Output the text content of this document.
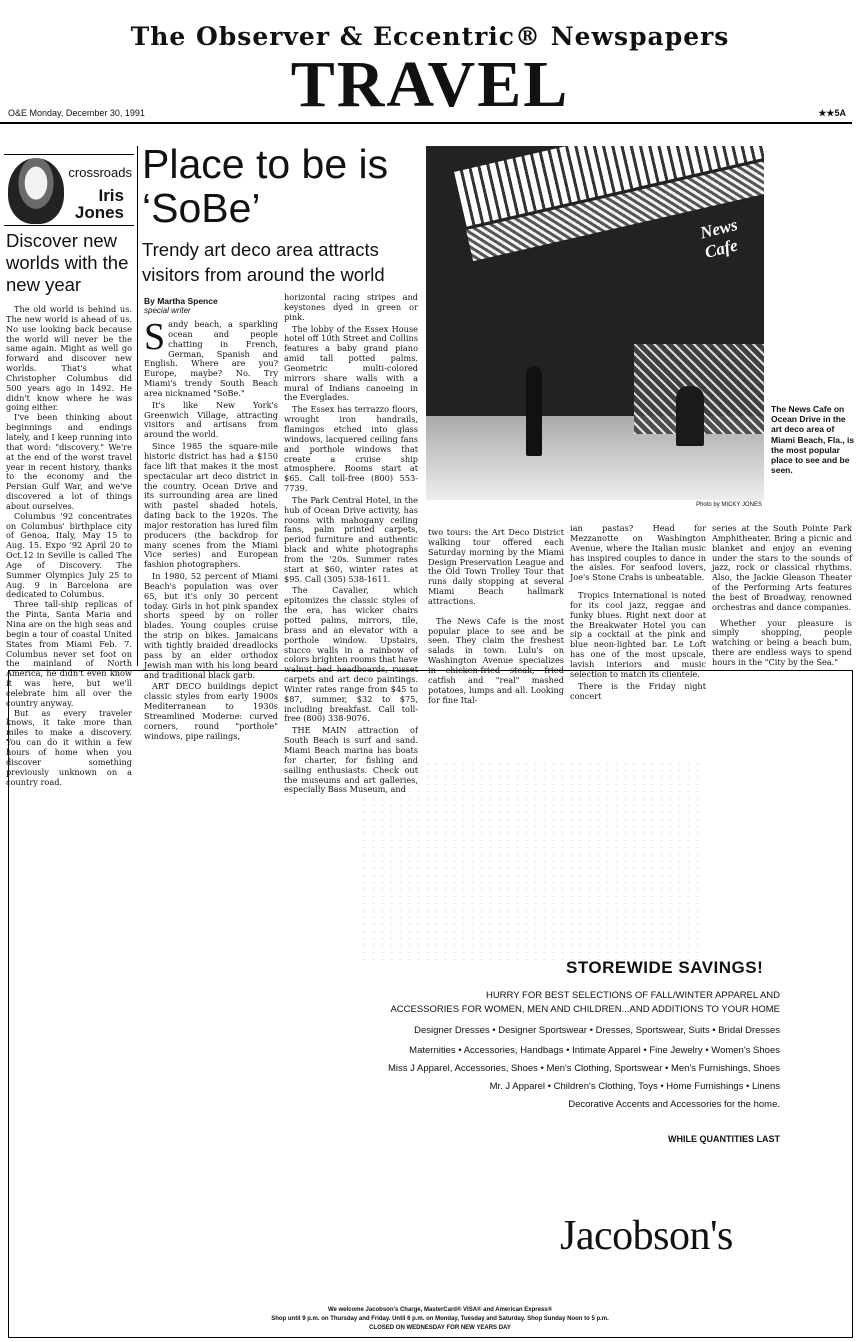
The Observer & Eccentric® Newspapers
TRAVEL
O&E Monday, December 30, 1991	★★5A
crossroads
Iris
Jones
Discover new worlds with the new year

The old world is behind us. The new world is ahead of us. No use looking back because the world will never be the same again. Might as well go forward and discover new worlds. That's what Christopher Columbus did 500 years ago in 1492. He didn't know where he was going either.

I've been thinking about beginnings and endings lately, and I keep running into that word: "discovery." We're at the end of the worst travel year in recent history, thanks to the economy and the Persian Gulf War, and we've discovered a lot of things about ourselves.

Columbus '92 concentrates on Columbus' birthplace city of Genoa, Italy, May 15 to Aug. 15. Expo '92 April 20 to Oct.12 in Seville is called The Age of Discovery. The Summer Olympics July 25 to Aug. 9 in Barcelona are dedicated to Columbus.

Three tall-ship replicas of the Pinta, Santa Maria and Nina are on the high seas and begin a tour of coastal United States from Miami Feb. 7. Columbus never set foot on the mainland of North America, he didn't even know it was here, but we'll celebrate him all over the country anyway.

But as every traveler knows, it take more than miles to make a discovery. You can do it within a few hours of home when you discover something previously unknown on a country road.

Place to be is ‘SoBe’
Trendy art deco area attracts visitors from around the world
By Martha Spence
special writer

Sandy beach, a sparkling ocean and people chatting in French, German, Spanish and English. Where are you? Europe, maybe? No. Try Miami's trendy South Beach area nicknamed "SoBe."

It's like New York's Greenwich Village, attracting visitors and artisans from around the world.

Since 1985 the square-mile historic district has had a $150 face lift that makes it the most spectacular art deco district in the country. Ocean Drive and its surrounding area are lined with pastel shaded hotels, dating back to the 1920s. The major restoration has lured film producers (the backdrop for many scenes from the Miami Vice series) and European fashion photographers.

In 1980, 52 percent of Miami Beach's population was over 65, but it's only 30 percent today. Girls in hot pink spandex shorts speed by on roller blades. Young couples cruise the strip on bikes. Jamaicans with tightly braided dreadlocks pass by an elder orthodox Jewish man with his long beard and traditional black garb.

ART DECO buildings depict classic styles from early 1900s Mediterranean to 1930s Streamlined Moderne: curved corners, round "porthole" windows, pipe railings,

horizontal racing stripes and keystones dyed in green or pink.

The lobby of the Essex House hotel off 10th Street and Collins features a baby grand piano amid tall potted palms. Geometric multi-colored mirrors share walls with a mural of Indians canoeing in the Everglades.

The Essex has terrazzo floors, wrought iron handrails, flamingos etched into glass windows, lacquered ceiling fans and porthole windows that create a cruise ship atmosphere. Rooms start at $65. Call toll-free (800) 553-7739.

The Park Central Hotel, in the hub of Ocean Drive activity, has rooms with mahogany ceiling fans, palm printed carpets, period furniture and authentic black and white photographs from the '20s. Summer rates start at $60, winter rates at $95. Call (305) 538-1611.

The Cavalier, which epitomizes the classic styles of the era, has wicker chairs potted palms, mirrors, tile, brass and an elevator with a porthole window. Upstairs, stucco walls in a rainbow of colors brighten rooms that have walnut bed headboards, russet carpets and art deco paintings. Winter rates range from $45 to $87, summer, $32 to $75, including breakfast. Call toll-free (800) 338-9076.

THE MAIN attraction of South Beach is surf and sand. Miami Beach marina has boats for charter, for fishing and sailing enthusiasts. Check out the museums and art galleries, especially Bass Museum, and

News Cafe
Photo by MICKY JONES
The News Cafe on Ocean Drive in the art deco area of Miami Beach, Fla., is the most popular place to see and be seen.

two tours: the Art Deco District walking tour offered each Saturday morning by the Miami Design Preservation League and the Old Town Trolley Tour that runs daily stopping at several Miami Beach hallmark attractions.

The News Cafe is the most popular place to see and be seen. They claim the freshest salads in town. Lulu's on Washington Avenue specializes in chicken-fried steak, fried catfish and "real" mashed potatoes, lumps and all. Looking for fine Ital-

ian pastas? Head for Mezzanotte on Washington Avenue, where the Italian music has inspired couples to dance in the aisles. For seafood lovers, Joe's Stone Crabs is unbeatable.

Tropics International is noted for its cool jazz, reggae and funky blues. Right next door at the Breakwater Hotel you can sip a cocktail at the pink and blue neon-lighted bar. Le Loft has one of the most upscale, lavish interiors and music selection to match its clientele.

There is the Friday night concert

series at the South Pointe Park Amphitheater. Bring a picnic and blanket and enjoy an evening under the stars to the sounds of jazz, rock or classical rhythms. Also, the Jackie Gleason Theater of the Performing Arts features the best of Broadway, renowned orchestras and dance companies.

Whether your pleasure is simply shopping, people watching or being a beach bum, there are endless ways to spend hours in the "City by the Sea."

STOREWIDE SAVINGS!
HURRY FOR BEST SELECTIONS OF FALL/WINTER APPAREL AND
ACCESSORIES FOR WOMEN, MEN AND CHILDREN...AND ADDITIONS TO YOUR HOME
Designer Dresses • Designer Sportswear • Dresses, Sportswear, Suits • Bridal Dresses
Maternities • Accessories, Handbags • Intimate Apparel • Fine Jewelry • Women's Shoes
Miss J Apparel, Accessories, Shoes • Men's Clothing, Sportswear • Men's Furnishings, Shoes
Mr. J Apparel • Children's Clothing, Toys • Home Furnishings • Linens
Decorative Accents and Accessories for the home.
WHILE QUANTITIES LAST
Jacobson's
We welcome Jacobson's Charge, MasterCard® VISA® and American Express®
Shop until 9 p.m. on Thursday and Friday. Until 6 p.m. on Monday, Tuesday and Saturday. Shop Sunday Noon to 5 p.m.
CLOSED ON WEDNESDAY FOR NEW YEARS DAY
